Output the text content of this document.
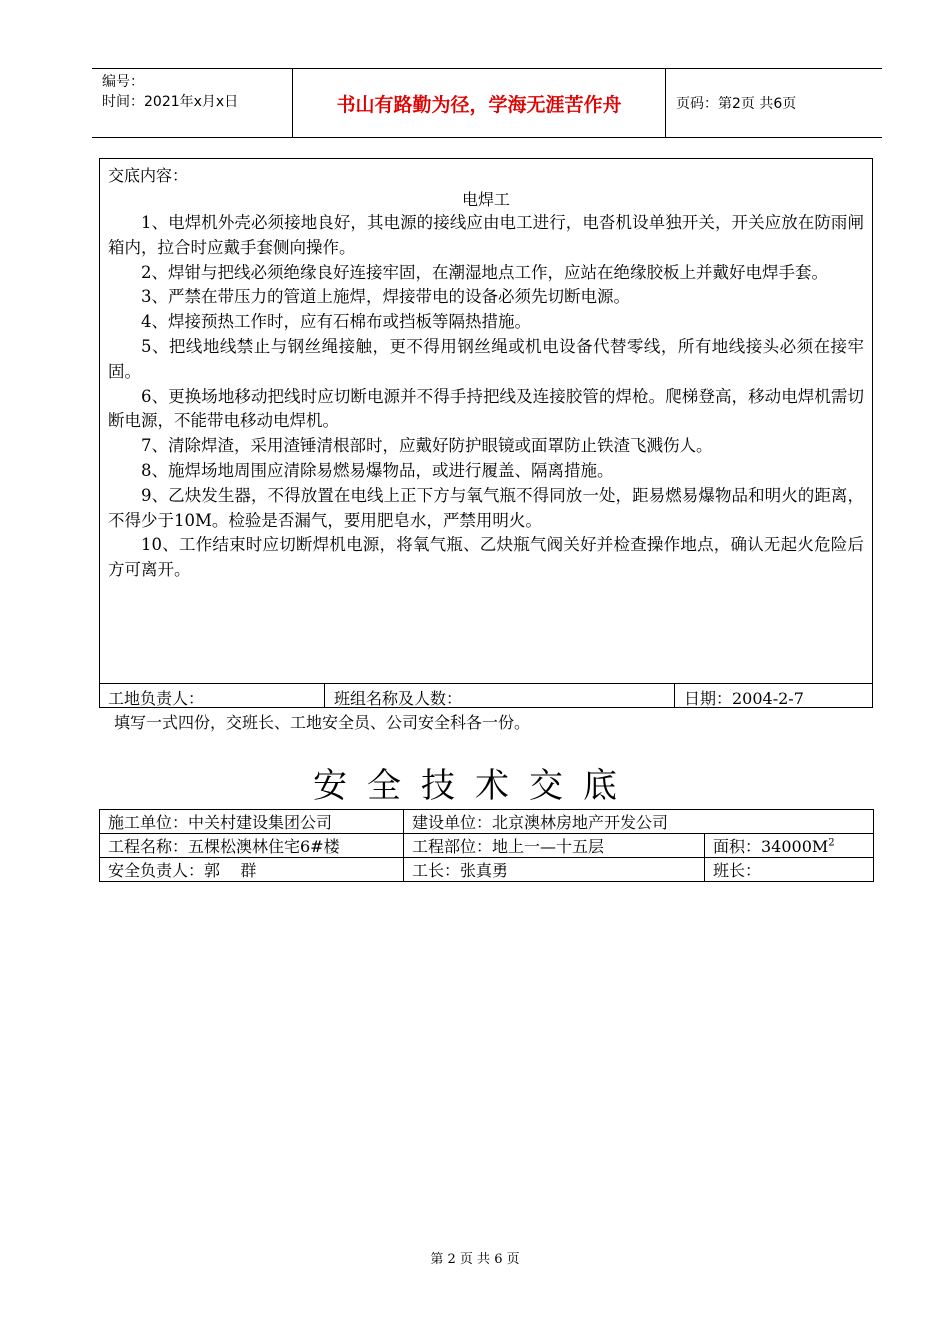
编号：
时间：2021年x月x日	书山有路勤为径，学海无涯苦作舟	页码：第2页 共6页
交底内容：
电焊工

1、电焊机外壳必须接地良好，其电源的接线应由电工进行，电沓机设单独开关，开关应放在防雨闸箱内，拉合时应戴手套侧向操作。

2、焊钳与把线必须绝缘良好连接牢固，在潮湿地点工作，应站在绝缘胶板上并戴好电焊手套。

3、严禁在带压力的管道上施焊，焊接带电的设备必须先切断电源。

4、焊接预热工作时，应有石棉布或挡板等隔热措施。

5、把线地线禁止与钢丝绳接触，更不得用钢丝绳或机电设备代替零线，所有地线接头必须在接牢固。

6、更换场地移动把线时应切断电源并不得手持把线及连接胶管的焊枪。爬梯登高，移动电焊机需切断电源，不能带电移动电焊机。

7、清除焊渣，采用渣锤清根部时，应戴好防护眼镜或面罩防止铁渣飞溅伤人。

8、施焊场地周围应清除易燃易爆物品，或进行履盖、隔离措施。

9、乙炔发生器，不得放置在电线上正下方与氧气瓶不得同放一处，距易燃易爆物品和明火的距离，不得少于10M。检验是否漏气，要用肥皂水，严禁用明火。

10、工作结束时应切断焊机电源，将氧气瓶、乙炔瓶气阀关好并检查操作地点，确认无起火危险后方可离开。

工地负责人：	班组名称及人数：	日期：2004-2-7
填写一式四份，交班长、工地安全员、公司安全科各一份。
安全技术交底
施工单位：中关村建设集团公司	建设单位：北京澳林房地产开发公司	
工程名称：五棵松澳林住宅6#楼	工程部位：地上一—十五层	面积：$34000M^2$
安全负责人：郭    群	工长：张真勇	班长：
第 2 页 共 6 页
